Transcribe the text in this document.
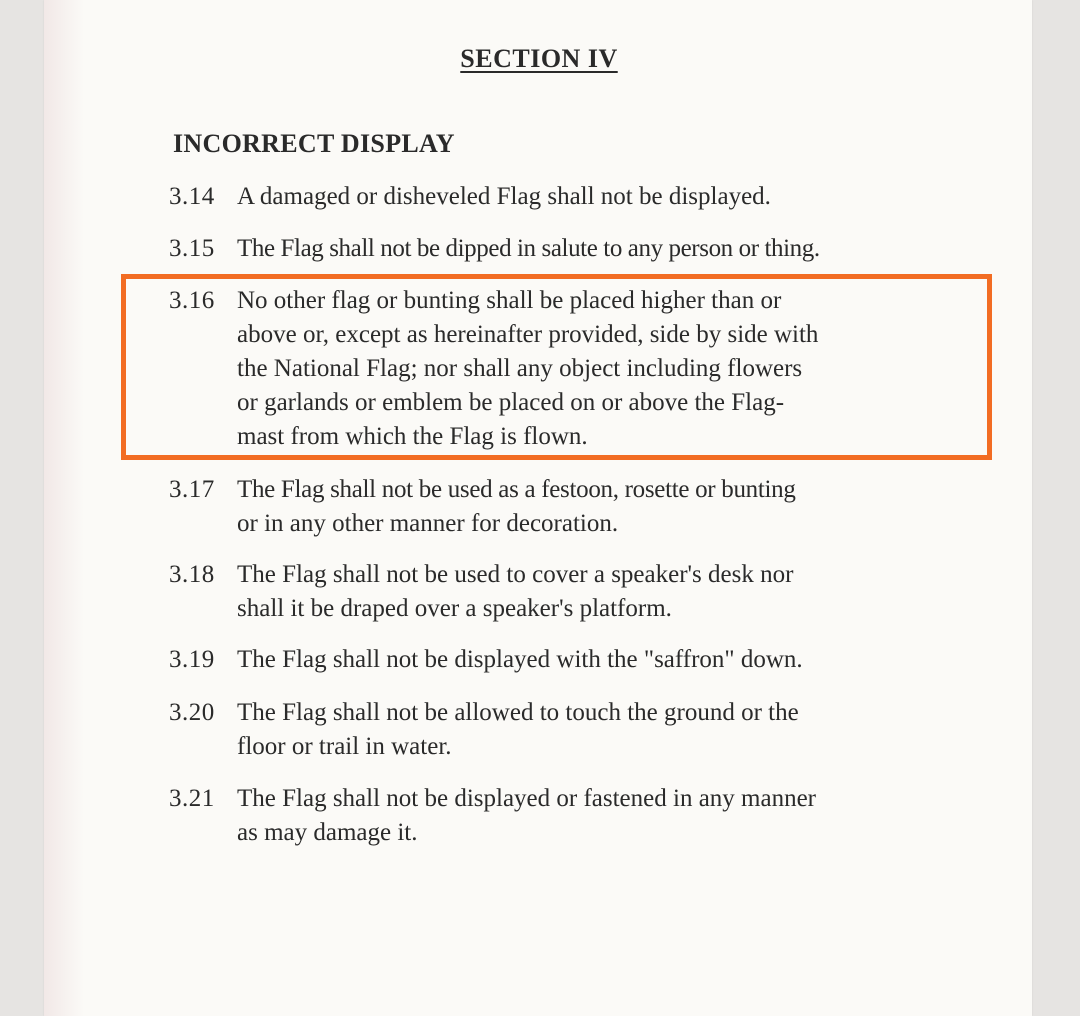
SECTION IV
INCORRECT DISPLAY
3.14 A damaged or disheveled Flag shall not be displayed.
3.15 The Flag shall not be dipped in salute to any person or thing.
3.16 No other flag or bunting shall be placed higher than or
above or, except as hereinafter provided, side by side with
the National Flag; nor shall any object including flowers
or garlands or emblem be placed on or above the Flag-
mast from which the Flag is flown.
3.17 The Flag shall not be used as a festoon, rosette or bunting
or in any other manner for decoration.
3.18 The Flag shall not be used to cover a speaker's desk nor
shall it be draped over a speaker's platform.
3.19 The Flag shall not be displayed with the "saffron" down.
3.20 The Flag shall not be allowed to touch the ground or the
floor or trail in water.
3.21 The Flag shall not be displayed or fastened in any manner
as may damage it.
